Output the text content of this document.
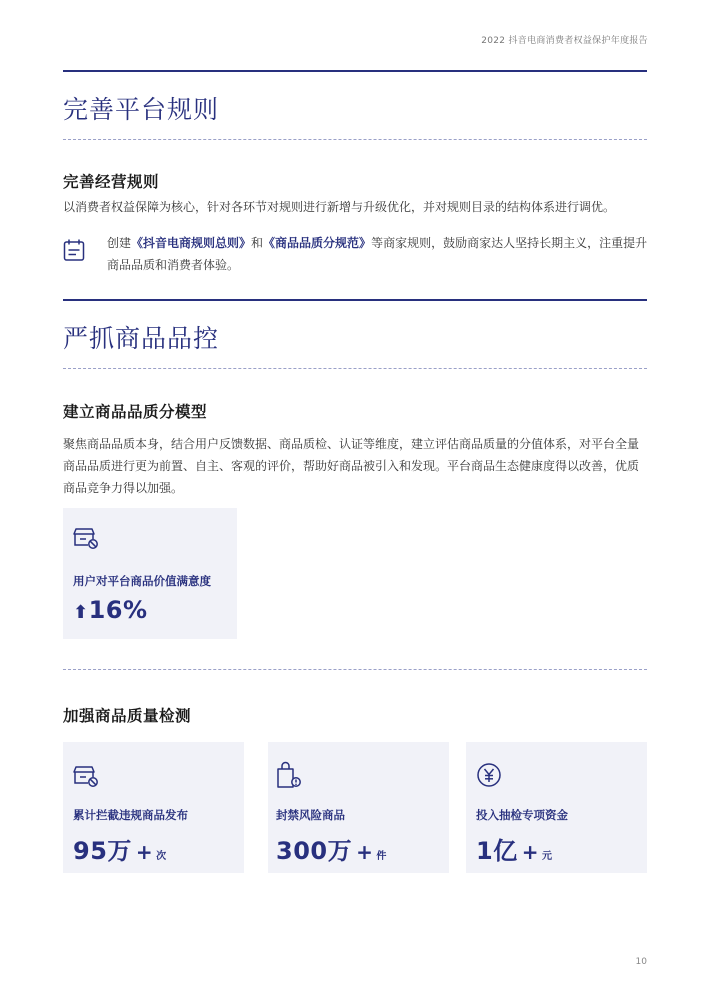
2022 抖音电商消费者权益保护年度报告
完善平台规则
完善经营规则
以消费者权益保障为核心，针对各环节对规则进行新增与升级优化，并对规则目录的结构体系进行调优。
创建《抖音电商规则总则》和《商品品质分规范》等商家规则，鼓励商家达人坚持长期主义，注重提升商品品质和消费者体验。
严抓商品品控
建立商品品质分模型
聚焦商品品质本身，结合用户反馈数据、商品质检、认证等维度，建立评估商品质量的分值体系，对平台全量商品品质进行更为前置、自主、客观的评价，帮助好商品被引入和发现。平台商品生态健康度得以改善，优质商品竞争力得以加强。
用户对平台商品价值满意度
⬆16%
加强商品质量检测
累计拦截违规商品发布
95万 + 次
封禁风险商品
300万 + 件
投入抽检专项资金
1亿 + 元
10
